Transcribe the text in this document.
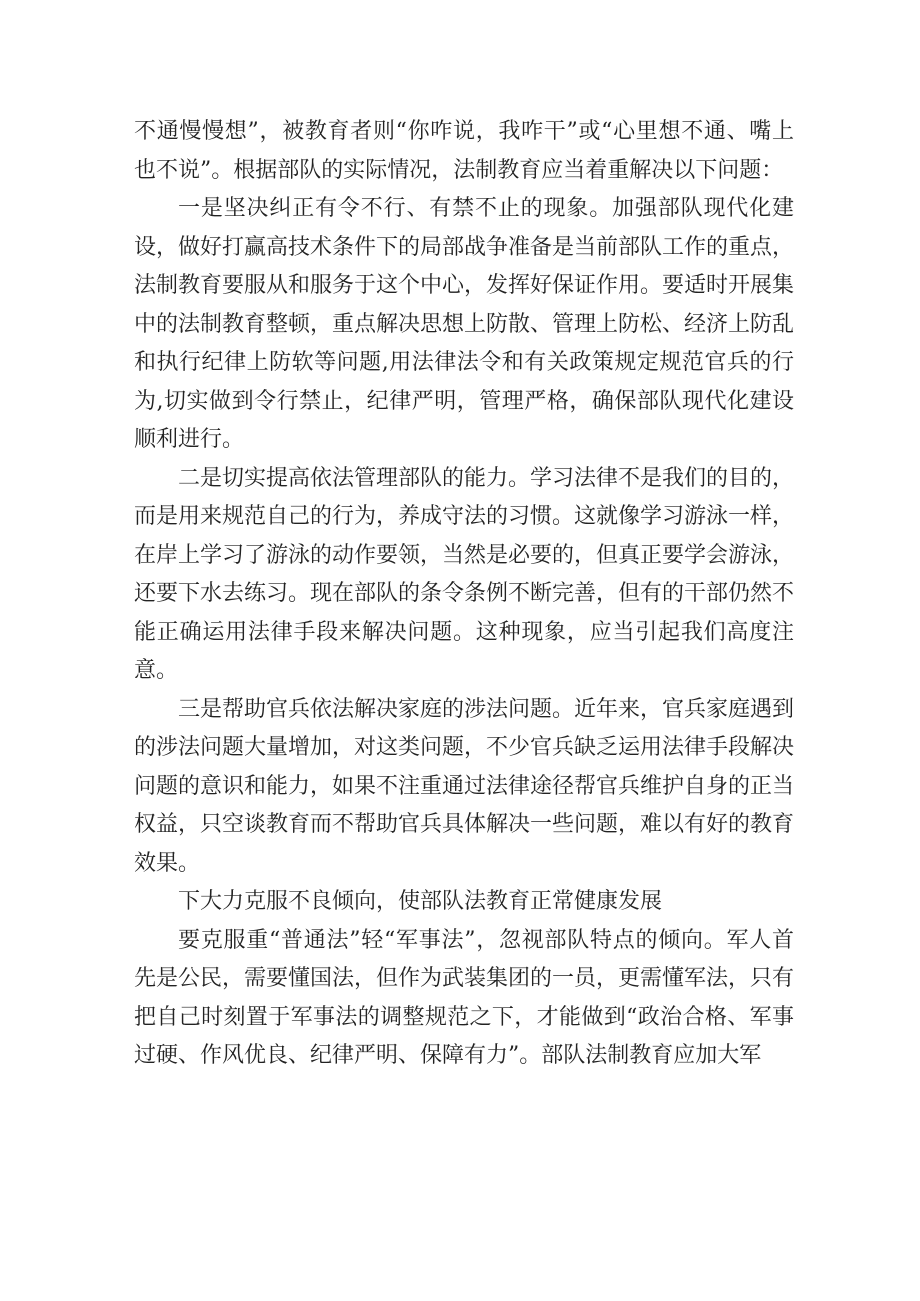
不通慢慢想”，被教育者则“你咋说，我咋干”或“心里想不通、嘴上也不说”。根据部队的实际情况，法制教育应当着重解决以下问题：

一是坚决纠正有令不行、有禁不止的现象。加强部队现代化建设，做好打赢高技术条件下的局部战争准备是当前部队工作的重点，法制教育要服从和服务于这个中心，发挥好保证作用。要适时开展集中的法制教育整顿，重点解决思想上防散、管理上防松、经济上防乱和执行纪律上防软等问题,用法律法令和有关政策规定规范官兵的行为,切实做到令行禁止，纪律严明，管理严格，确保部队现代化建设顺利进行。

二是切实提高依法管理部队的能力。学习法律不是我们的目的，而是用来规范自己的行为，养成守法的习惯。这就像学习游泳一样，在岸上学习了游泳的动作要领，当然是必要的，但真正要学会游泳，还要下水去练习。现在部队的条令条例不断完善，但有的干部仍然不能正确运用法律手段来解决问题。这种现象，应当引起我们高度注意。

三是帮助官兵依法解决家庭的涉法问题。近年来，官兵家庭遇到的涉法问题大量增加，对这类问题，不少官兵缺乏运用法律手段解决问题的意识和能力，如果不注重通过法律途径帮官兵维护自身的正当权益，只空谈教育而不帮助官兵具体解决一些问题，难以有好的教育效果。

下大力克服不良倾向，使部队法教育正常健康发展

要克服重“普通法”轻“军事法”，忽视部队特点的倾向。军人首先是公民，需要懂国法，但作为武装集团的一员，更需懂军法，只有把自己时刻置于军事法的调整规范之下，才能做到“政治合格、军事过硬、作风优良、纪律严明、保障有力”。部队法制教育应加大军
